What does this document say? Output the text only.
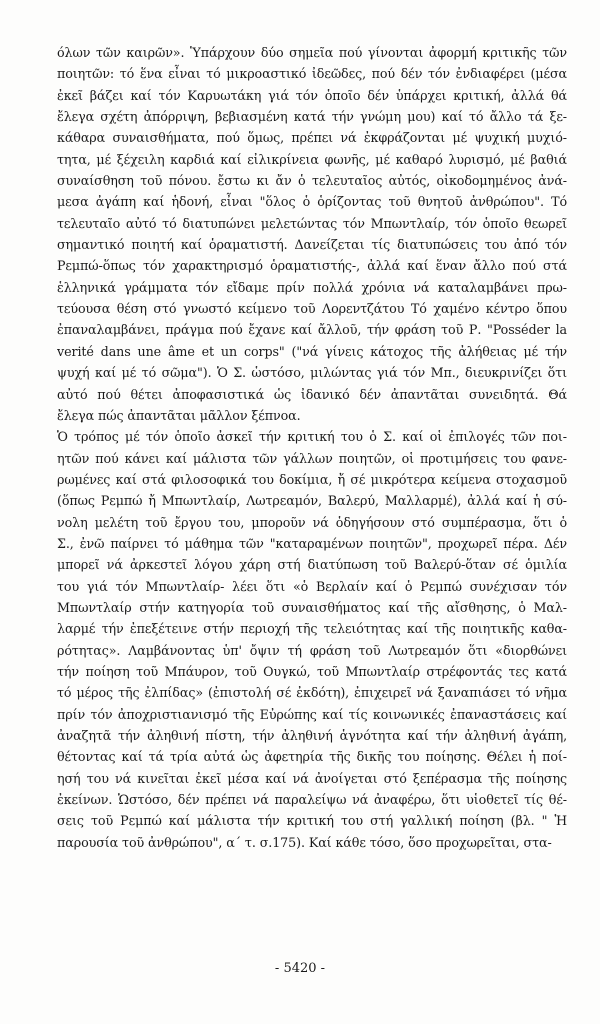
όλων τῶν καιρῶν». Ὑπάρχουν δύο σημεῖα πού γίνονται ἀφορμή κριτικῆς τῶν
ποιητῶν: τό ἕνα εἶναι τό μικροαστικό ἰδεῶδες, πού δέν τόν ἐνδιαφέρει (μέσα
ἐκεῖ βάζει καί τόν Καρυωτάκη γιά τόν ὁποῖο δέν ὑπάρχει κριτική, ἀλλά θά
ἔλεγα σχέτη ἀπόρριψη, βεβιασμένη κατά τήν γνώμη μου) καί τό ἄλλο τά ξε-
κάθαρα συναισθήματα, πού ὅμως, πρέπει νά ἐκφράζονται μέ ψυχική μυχιό-
τητα, μέ ξέχειλη καρδιά καί εἰλικρίνεια φωνῆς, μέ καθαρό λυρισμό, μέ βαθιά
συναίσθηση τοῦ πόνου. ἔστω κι ἄν ὁ τελευταῖος αὐτός, οἰκοδομημένος ἀνά-
μεσα ἀγάπη καί ἡδονή, εἶναι "ὅλος ὁ ὁρίζοντας τοῦ θνητοῦ ἀνθρώπου". Τό
τελευταῖο αὐτό τό διατυπώνει μελετώντας τόν Μπωντλαίρ, τόν ὁποῖο θεωρεῖ
σημαντικό ποιητή καί ὁραματιστή. Δανείζεται τίς διατυπώσεις του ἀπό τόν
Ρεμπώ-ὅπως τόν χαρακτηρισμό ὁραματιστής-, ἀλλά καί ἕναν ἄλλο πού στά
ἑλληνικά γράμματα τόν εἴδαμε πρίν πολλά χρόνια νά καταλαμβάνει πρω-
τεύουσα θέση στό γνωστό κείμενο τοῦ Λορεντζάτου Τό χαμένο κέντρο ὅπου
ἐπαναλαμβάνει, πράγμα πού ἔχανε καί ἄλλοῦ, τήν φράση τοῦ Ρ. "Posséder la
verité dans une âme et un corps" ("νά γίνεις κάτοχος τῆς ἀλήθειας μέ τήν
ψυχή καί μέ τό σῶμα"). Ὁ Σ. ὡστόσο, μιλώντας γιά τόν Μπ., διευκρινίζει ὅτι
αὐτό πού θέτει ἀποφασιστικά ὡς ἰδανικό δέν ἀπαντᾶται συνειδητά. Θά
ἔλεγα πώς ἀπαντᾶται μᾶλλον ξέπνοα.
Ὁ τρόπος μέ τόν ὁποῖο ἀσκεῖ τήν κριτική του ὁ Σ. καί οἱ ἐπιλογές τῶν ποι-
ητῶν πού κάνει καί μάλιστα τῶν γάλλων ποιητῶν, οἱ προτιμήσεις του φανε-
ρωμένες καί στά φιλοσοφικά του δοκίμια, ἤ σέ μικρότερα κείμενα στοχασμοῦ
(ὅπως Ρεμπώ ἤ Μπωντλαίρ, Λωτρεαμόν, Βαλερύ, Μαλλαρμέ), ἀλλά καί ἡ σύ-
νολη μελέτη τοῦ ἔργου του, μποροῦν νά ὁδηγήσουν στό συμπέρασμα, ὅτι ὁ
Σ., ἐνῶ παίρνει τό μάθημα τῶν "καταραμένων ποιητῶν", προχωρεῖ πέρα. Δέν
μπορεῖ νά ἀρκεστεῖ λόγου χάρη στή διατύπωση τοῦ Βαλερύ-ὅταν σέ ὁμιλία
του γιά τόν Μπωντλαίρ- λέει ὅτι «ὁ Βερλαίν καί ὁ Ρεμπώ συνέχισαν τόν
Μπωντλαίρ στήν κατηγορία τοῦ συναισθήματος καί τῆς αἴσθησης, ὁ Μαλ-
λαρμέ τήν ἐπεξέτεινε στήν περιοχή τῆς τελειότητας καί τῆς ποιητικῆς καθα-
ρότητας». Λαμβάνοντας ὑπ' ὄψιν τή φράση τοῦ Λωτρεαμόν ὅτι «διορθώνει
τήν ποίηση τοῦ Μπάυρον, τοῦ Ουγκώ, τοῦ Μπωντλαίρ στρέφοντάς τες κατά
τό μέρος τῆς ἐλπίδας» (ἐπιστολή σέ ἐκδότη), ἐπιχειρεῖ νά ξαναπιάσει τό νῆμα
πρίν τόν ἀποχριστιανισμό τῆς Εὐρώπης καί τίς κοινωνικές ἐπαναστάσεις καί
ἀναζητᾶ τήν ἀληθινή πίστη, τήν ἀληθινή ἁγνότητα καί τήν ἀληθινή ἀγάπη,
θέτοντας καί τά τρία αὐτά ὡς ἀφετηρία τῆς δικῆς του ποίησης. Θέλει ἡ ποί-
ησή του νά κινεῖται ἐκεῖ μέσα καί νά ἀνοίγεται στό ξεπέρασμα τῆς ποίησης
ἐκείνων. Ὡστόσο, δέν πρέπει νά παραλείψω νά ἀναφέρω, ὅτι υἱοθετεῖ τίς θέ-
σεις τοῦ Ρεμπώ καί μάλιστα τήν κριτική του στή γαλλική ποίηση (βλ. " Ἡ
παρουσία τοῦ ἀνθρώπου", α΄ τ. σ.175). Καί κάθε τόσο, ὅσο προχωρεῖται, στα-
- 5420 -
